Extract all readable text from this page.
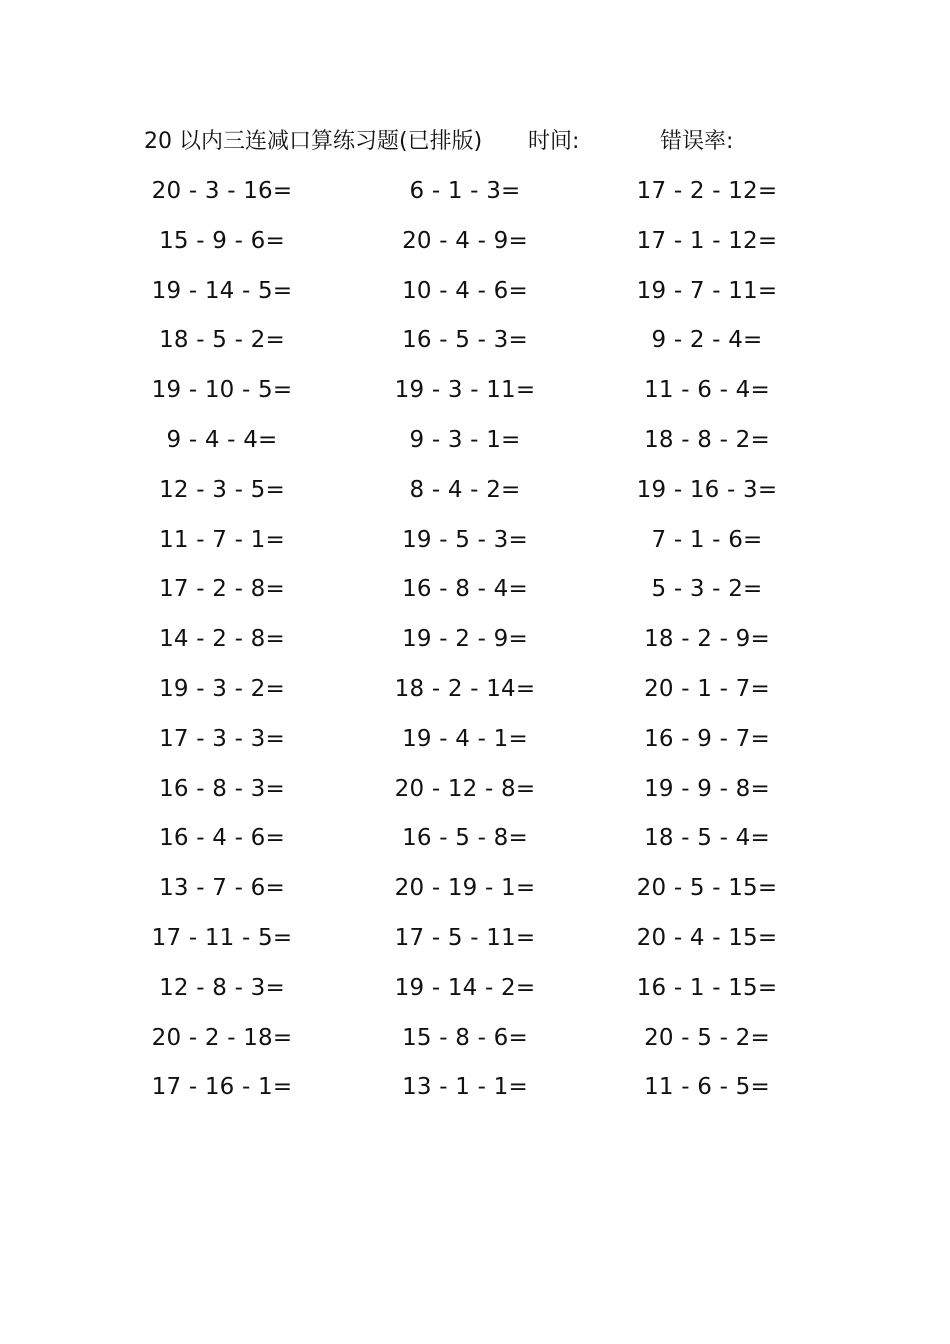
20 以内三连减口算练习题(已排版) 时间:	错误率:
20 - 3 - 16=	6 - 1 - 3=	17 - 2 - 12=
15 - 9 - 6=	20 - 4 - 9=	17 - 1 - 12=
19 - 14 - 5=	10 - 4 - 6=	19 - 7 - 11=
18 - 5 - 2=	16 - 5 - 3=	9 - 2 - 4=
19 - 10 - 5=	19 - 3 - 11=	11 - 6 - 4=
9 - 4 - 4=	9 - 3 - 1=	18 - 8 - 2=
12 - 3 - 5=	8 - 4 - 2=	19 - 16 - 3=
11 - 7 - 1=	19 - 5 - 3=	7 - 1 - 6=
17 - 2 - 8=	16 - 8 - 4=	5 - 3 - 2=
14 - 2 - 8=	19 - 2 - 9=	18 - 2 - 9=
19 - 3 - 2=	18 - 2 - 14=	20 - 1 - 7=
17 - 3 - 3=	19 - 4 - 1=	16 - 9 - 7=
16 - 8 - 3=	20 - 12 - 8=	19 - 9 - 8=
16 - 4 - 6=	16 - 5 - 8=	18 - 5 - 4=
13 - 7 - 6=	20 - 19 - 1=	20 - 5 - 15=
17 - 11 - 5=	17 - 5 - 11=	20 - 4 - 15=
12 - 8 - 3=	19 - 14 - 2=	16 - 1 - 15=
20 - 2 - 18=	15 - 8 - 6=	20 - 5 - 2=
17 - 16 - 1=	13 - 1 - 1=	11 - 6 - 5=
